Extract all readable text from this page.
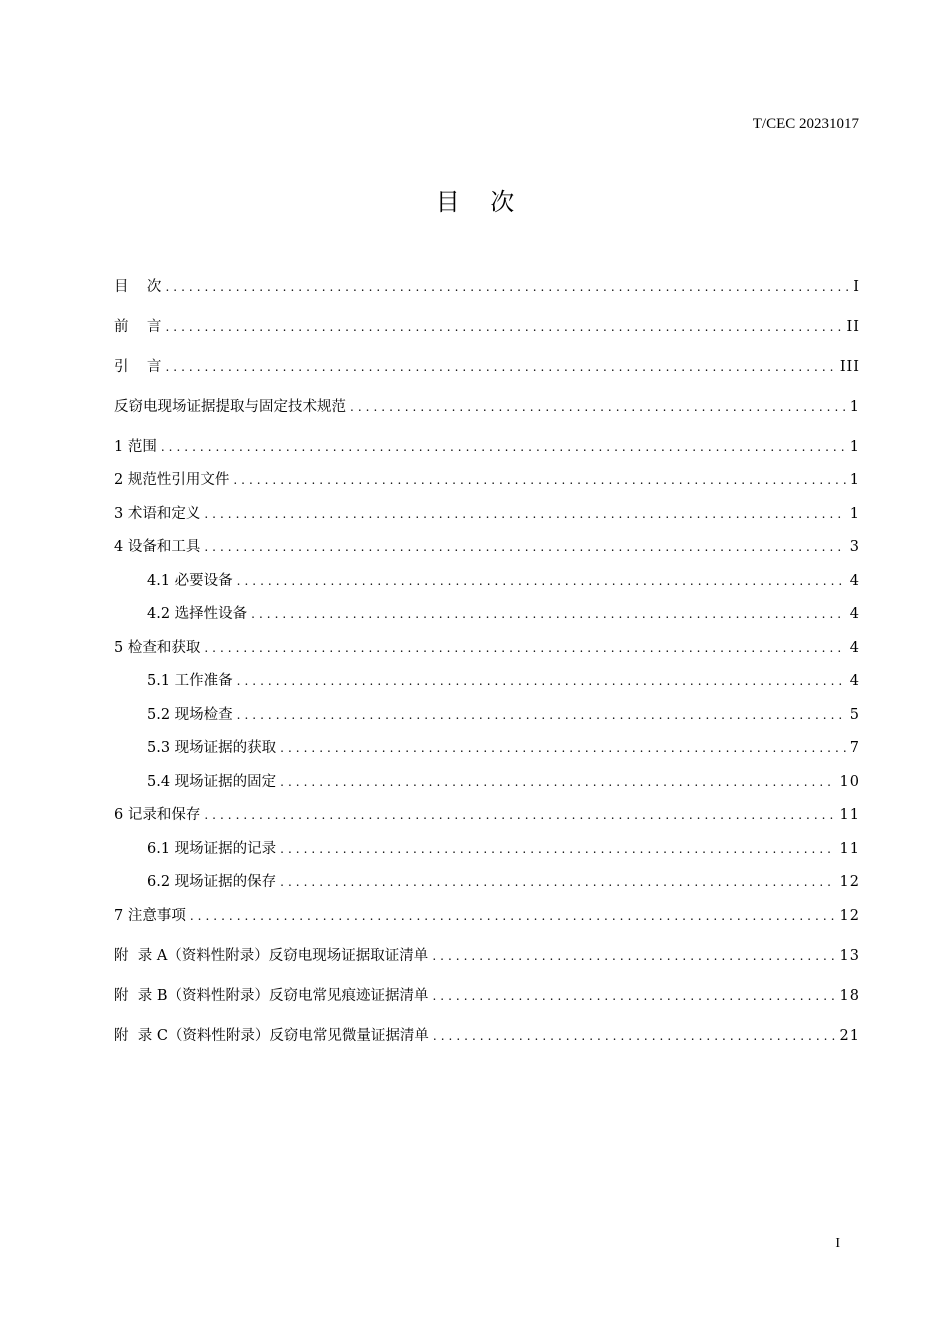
T/CEC 20231017
目    次
目    次 .....	I
前    言 .....	II
引    言 .....	III
反窃电现场证据提取与固定技术规范 .....	1
1 范围 .....	1
2 规范性引用文件 .....	1
3 术语和定义 .....	1
4 设备和工具 .....	3
4.1 必要设备 .....	4
4.2 选择性设备 .....	4
5 检查和获取 .....	4
5.1 工作准备 .....	4
5.2 现场检查 .....	5
5.3 现场证据的获取 .....	7
5.4 现场证据的固定 .....	10
6 记录和保存 .....	11
6.1 现场证据的记录 .....	11
6.2 现场证据的保存 .....	12
7 注意事项 .....	12
附  录 A（资料性附录）反窃电现场证据取证清单 .....	13
附  录 B（资料性附录）反窃电常见痕迹证据清单 .....	18
附  录 C（资料性附录）反窃电常见微量证据清单 .....	21
I
